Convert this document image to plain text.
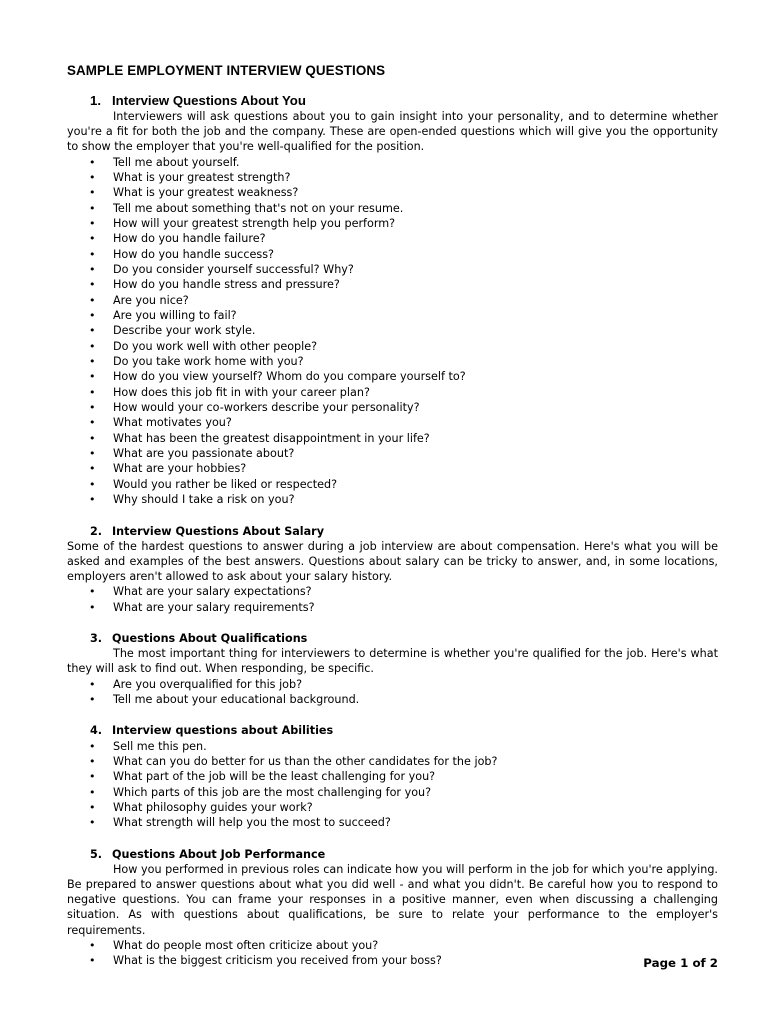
SAMPLE EMPLOYMENT INTERVIEW QUESTIONS
1. Interview Questions About You

Interviewers will ask questions about you to gain insight into your personality, and to determine whether you're a fit for both the job and the company. These are open-ended questions which will give you the opportunity to show the employer that you're well-qualified for the position.

• Tell me about yourself.
• What is your greatest strength?
• What is your greatest weakness?
• Tell me about something that's not on your resume.
• How will your greatest strength help you perform?
• How do you handle failure?
• How do you handle success?
• Do you consider yourself successful? Why?
• How do you handle stress and pressure?
• Are you nice?
• Are you willing to fail?
• Describe your work style.
• Do you work well with other people?
• Do you take work home with you?
• How do you view yourself? Whom do you compare yourself to?
• How does this job fit in with your career plan?
• How would your co-workers describe your personality?
• What motivates you?
• What has been the greatest disappointment in your life?
• What are you passionate about?
• What are your hobbies?
• Would you rather be liked or respected?
• Why should I take a risk on you?
2. Interview Questions About Salary

Some of the hardest questions to answer during a job interview are about compensation. Here's what you will be asked and examples of the best answers. Questions about salary can be tricky to answer, and, in some locations, employers aren't allowed to ask about your salary history.

• What are your salary expectations?
• What are your salary requirements?
3. Questions About Qualifications

The most important thing for interviewers to determine is whether you're qualified for the job. Here's what they will ask to find out. When responding, be specific.

• Are you overqualified for this job?
• Tell me about your educational background.
4. Interview questions about Abilities
• Sell me this pen.
• What can you do better for us than the other candidates for the job?
• What part of the job will be the least challenging for you?
• Which parts of this job are the most challenging for you?
• What philosophy guides your work?
• What strength will help you the most to succeed?
5. Questions About Job Performance

How you performed in previous roles can indicate how you will perform in the job for which you're applying. Be prepared to answer questions about what you did well - and what you didn't. Be careful how you to respond to negative questions. You can frame your responses in a positive manner, even when discussing a challenging situation. As with questions about qualifications, be sure to relate your performance to the employer's requirements.

• What do people most often criticize about you?
• What is the biggest criticism you received from your boss?	Page 1 of 2
